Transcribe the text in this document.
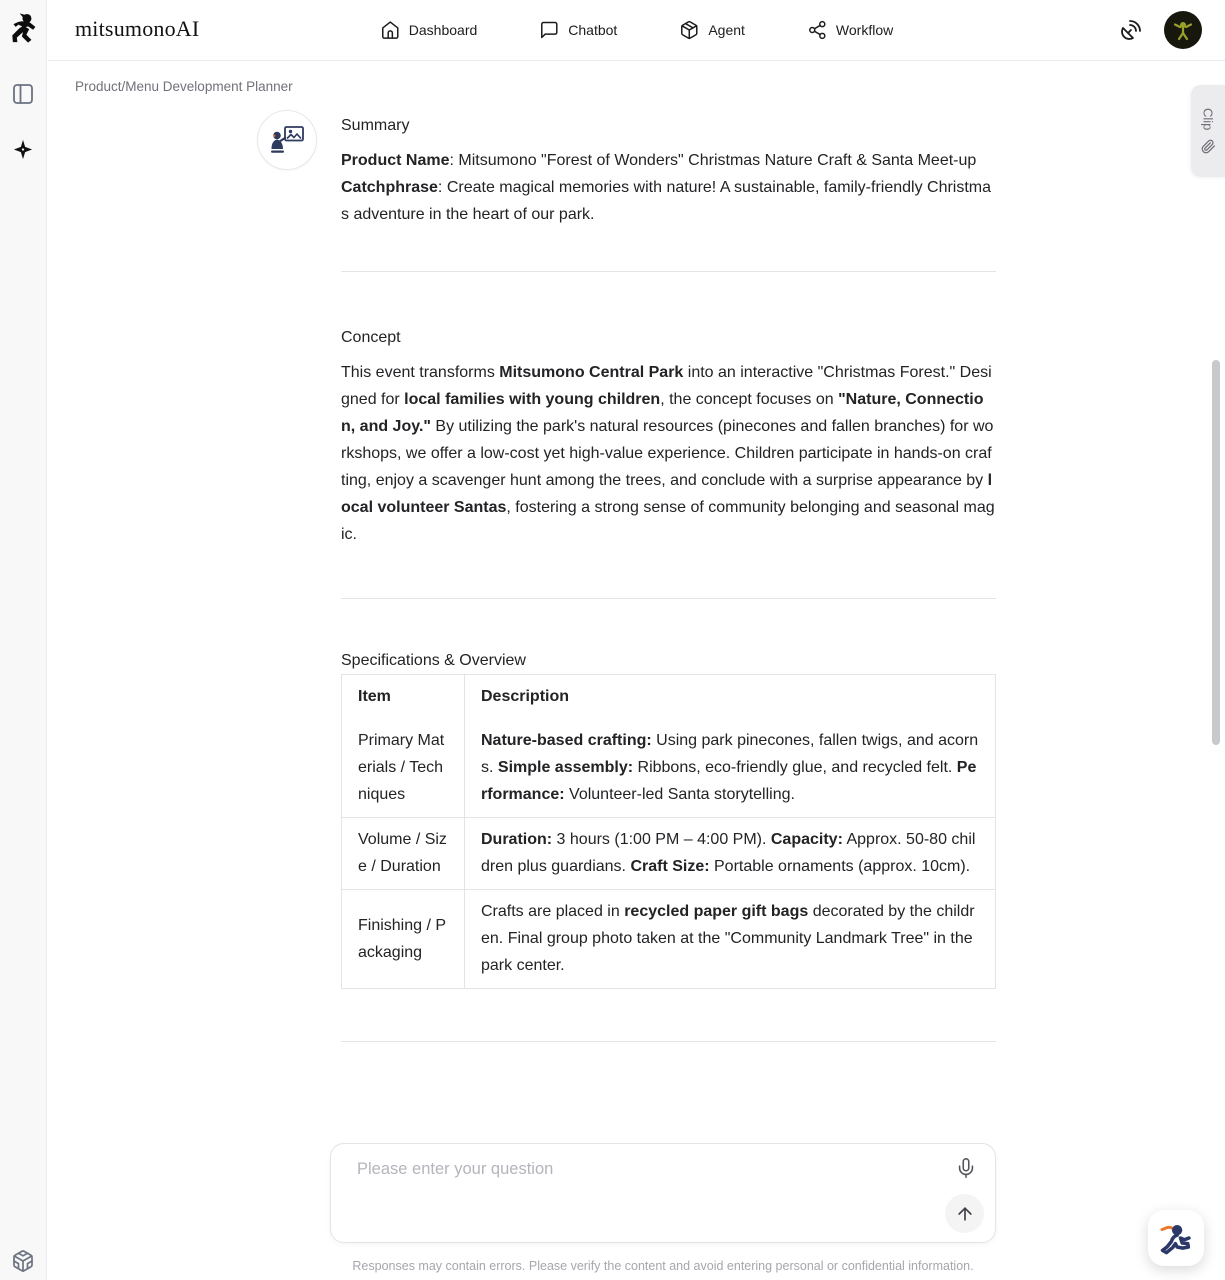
mitsumonoAI	Dashboard	Chatbot	Agent	Workflow
Product/Menu Development Planner
Summary
Product Name: Mitsumono "Forest of Wonders" Christmas Nature Craft & Santa Meet-up
Catchphrase: Create magical memories with nature! A sustainable, family-friendly Christmas adventure in the heart of our park.
Concept

This event transforms Mitsumono Central Park into an interactive "Christmas Forest." Designed for local families with young children, the concept focuses on "Nature, Connection, and Joy." By utilizing the park's natural resources (pinecones and fallen branches) for workshops, we offer a low-cost yet high-value experience. Children participate in hands-on crafting, enjoy a scavenger hunt among the trees, and conclude with a surprise appearance by local volunteer Santas, fostering a strong sense of community belonging and seasonal magic.

Specifications & Overview
Item	Description
Primary Materials / Techniques	Nature-based crafting: Using park pinecones, fallen twigs, and acorns. Simple assembly: Ribbons, eco-friendly glue, and recycled felt. Performance: Volunteer-led Santa storytelling.
Volume / Size / Duration	Duration: 3 hours (1:00 PM – 4:00 PM). Capacity: Approx. 50-80 children plus guardians. Craft Size: Portable ornaments (approx. 10cm).
Finishing / Packaging	Crafts are placed in recycled paper gift bags decorated by the children. Final group photo taken at the "Community Landmark Tree" in the park center.
Please enter your question
Responses may contain errors. Please verify the content and avoid entering personal or confidential information.
Clip
